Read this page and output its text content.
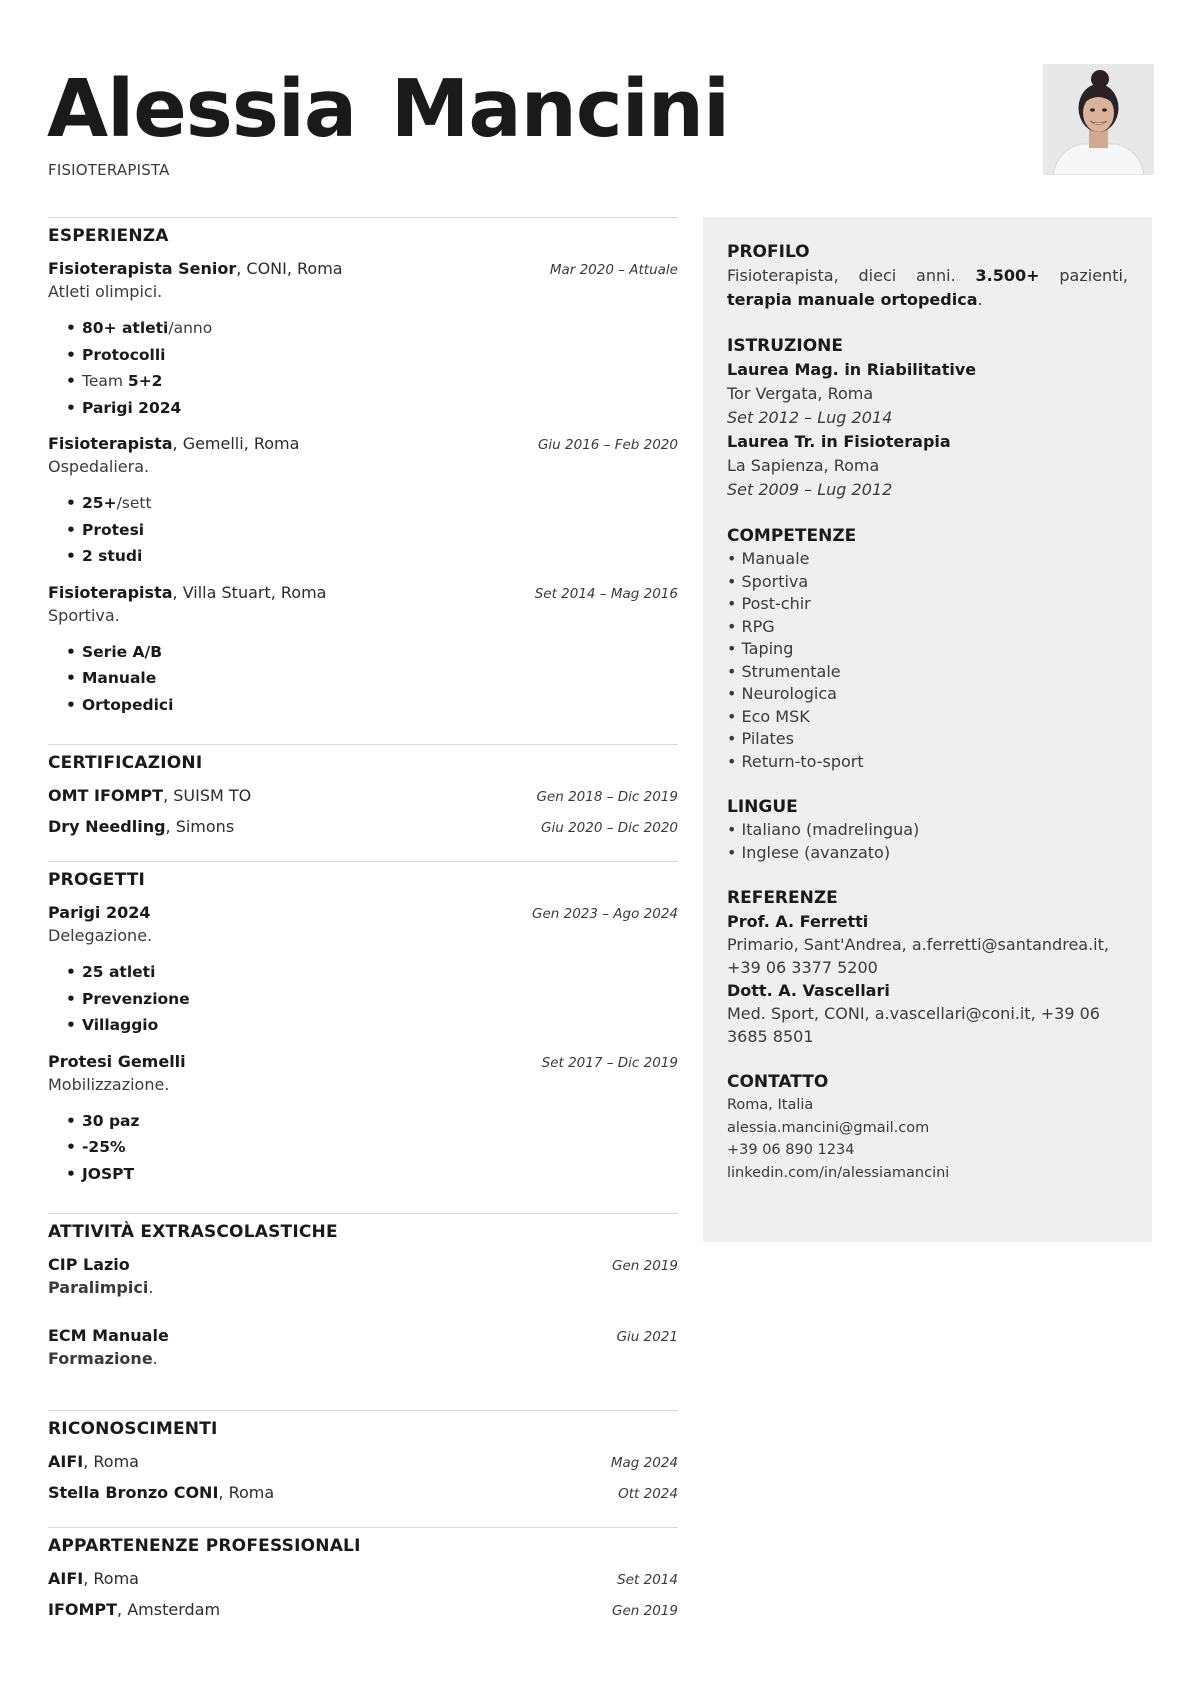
Alessia Mancini
FISIOTERAPISTA
ESPERIENZA
Fisioterapista Senior, CONI, Roma	Mar 2020 – Attuale
Atleti olimpici.
• 80+ atleti/anno
• Protocolli
• Team 5+2
• Parigi 2024
Fisioterapista, Gemelli, Roma	Giu 2016 – Feb 2020
Ospedaliera.
• 25+/sett
• Protesi
• 2 studi
Fisioterapista, Villa Stuart, Roma	Set 2014 – Mag 2016
Sportiva.
• Serie A/B
• Manuale
• Ortopedici
CERTIFICAZIONI
OMT IFOMPT, SUISM TO	Gen 2018 – Dic 2019
Dry Needling, Simons	Giu 2020 – Dic 2020
PROGETTI
Parigi 2024	Gen 2023 – Ago 2024
Delegazione.
• 25 atleti
• Prevenzione
• Villaggio
Protesi Gemelli	Set 2017 – Dic 2019
Mobilizzazione.
• 30 paz
• -25%
• JOSPT
ATTIVITÀ EXTRASCOLASTICHE
CIP Lazio	Gen 2019
Paralimpici.
ECM Manuale	Giu 2021
Formazione.
RICONOSCIMENTI
AIFI, Roma	Mag 2024
Stella Bronzo CONI, Roma	Ott 2024
APPARTENENZE PROFESSIONALI
AIFI, Roma	Set 2014
IFOMPT, Amsterdam	Gen 2019
PROFILO

Fisioterapista, dieci anni. 3.500+ pazienti, terapia manuale ortopedica.

ISTRUZIONE
Laurea Mag. in Riabilitative
Tor Vergata, Roma
Set 2012 – Lug 2014
Laurea Tr. in Fisioterapia
La Sapienza, Roma
Set 2009 – Lug 2012
COMPETENZE
• Manuale
• Sportiva
• Post-chir
• RPG
• Taping
• Strumentale
• Neurologica
• Eco MSK
• Pilates
• Return-to-sport
LINGUE
• Italiano (madrelingua)
• Inglese (avanzato)
REFERENZE
Prof. A. Ferretti

Primario, Sant'Andrea, a.ferretti@santandrea.it, +39 06 3377 5200

Dott. A. Vascellari

Med. Sport, CONI, a.vascellari@coni.it, +39 06 3685 8501

CONTATTO
Roma, Italia
alessia.mancini@gmail.com
+39 06 890 1234
linkedin.com/in/alessiamancini
